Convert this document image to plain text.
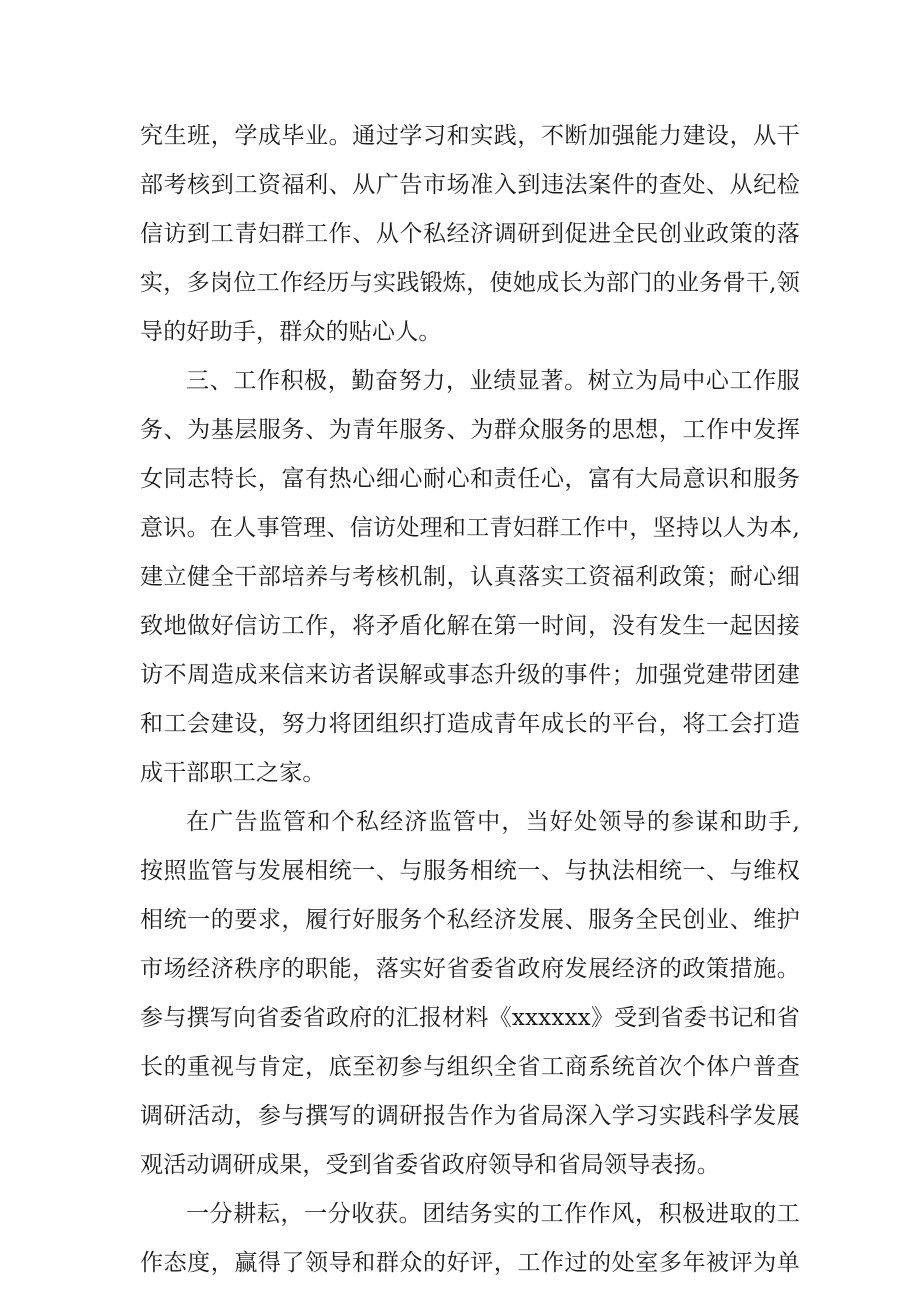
究生班，学成毕业。通过学习和实践，不断加强能力建设，从干
部考核到工资福利、从广告市场准入到违法案件的查处、从纪检
信访到工青妇群工作、从个私经济调研到促进全民创业政策的落
实，多岗位工作经历与实践锻炼，使她成长为部门的业务骨干,领
导的好助手，群众的贴心人。
三、工作积极，勤奋努力，业绩显著。树立为局中心工作服
务、为基层服务、为青年服务、为群众服务的思想，工作中发挥
女同志特长，富有热心细心耐心和责任心，富有大局意识和服务
意识。在人事管理、信访处理和工青妇群工作中，坚持以人为本,
建立健全干部培养与考核机制，认真落实工资福利政策；耐心细
致地做好信访工作，将矛盾化解在第一时间，没有发生一起因接
访不周造成来信来访者误解或事态升级的事件；加强党建带团建
和工会建设，努力将团组织打造成青年成长的平台，将工会打造
成干部职工之家。
在广告监管和个私经济监管中，当好处领导的参谋和助手,
按照监管与发展相统一、与服务相统一、与执法相统一、与维权
相统一的要求，履行好服务个私经济发展、服务全民创业、维护
市场经济秩序的职能，落实好省委省政府发展经济的政策措施。
参与撰写向省委省政府的汇报材料《xxxxxx》受到省委书记和省
长的重视与肯定，底至初参与组织全省工商系统首次个体户普查
调研活动，参与撰写的调研报告作为省局深入学习实践科学发展
观活动调研成果，受到省委省政府领导和省局领导表扬。
一分耕耘，一分收获。团结务实的工作作风，积极进取的工
作态度，赢得了领导和群众的好评，工作过的处室多年被评为单
